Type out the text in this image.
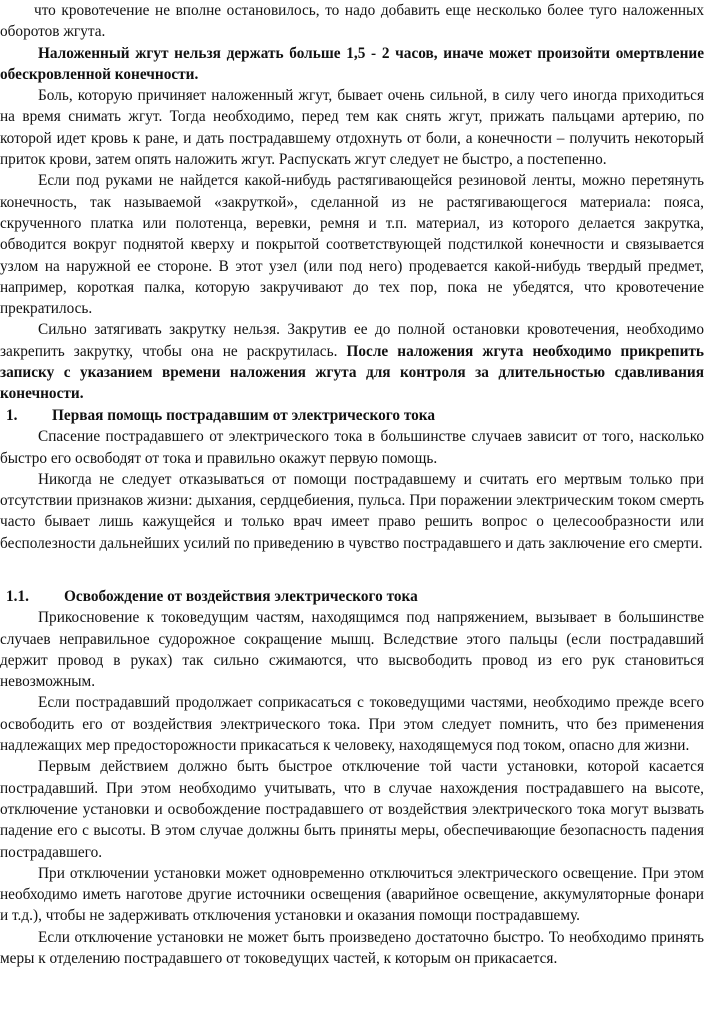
что кровотечение не вполне остановилось, то надо добавить еще несколько более туго наложенных оборотов жгута.

Наложенный жгут нельзя держать больше 1,5 - 2 часов, иначе может произойти омертвление обескровленной конечности.

Боль, которую причиняет наложенный жгут, бывает очень сильной, в силу чего иногда приходиться на время снимать жгут. Тогда необходимо, перед тем как снять жгут, прижать пальцами артерию, по которой идет кровь к ране, и дать пострадавшему отдохнуть от боли, а конечности – получить некоторый приток крови, затем опять наложить жгут. Распускать жгут следует не быстро, а постепенно.

Если под руками не найдется какой-нибудь растягивающейся резиновой ленты, можно перетянуть конечность, так называемой «закруткой», сделанной из не растягивающегося материала: пояса, скрученного платка или полотенца, веревки, ремня и т.п. материал, из которого делается закрутка, обводится вокруг поднятой кверху и покрытой соответствующей подстилкой конечности и связывается узлом на наружной ее стороне. В этот узел (или под него) продевается какой-нибудь твердый предмет, например, короткая палка, которую закручивают до тех пор, пока не убедятся, что кровотечение прекратилось.

Сильно затягивать закрутку нельзя. Закрутив ее до полной остановки кровотечения, необходимо закрепить закрутку, чтобы она не раскрутилась. После наложения жгута необходимо прикрепить записку с указанием времени наложения жгута для контроля за длительностью сдавливания конечности.

1. Первая помощь пострадавшим от электрического тока

Спасение пострадавшего от электрического тока в большинстве случаев зависит от того, насколько быстро его освободят от тока и правильно окажут первую помощь.

Никогда не следует отказываться от помощи пострадавшему и считать его мертвым только при отсутствии признаков жизни: дыхания, сердцебиения, пульса. При поражении электрическим током смерть часто бывает лишь кажущейся и только врач имеет право решить вопрос о целесообразности или бесполезности дальнейших усилий по приведению в чувство пострадавшего и дать заключение его смерти.

1.1. Освобождение от воздействия электрического тока

Прикосновение к токоведущим частям, находящимся под напряжением, вызывает в большинстве случаев неправильное судорожное сокращение мышц. Вследствие этого пальцы (если пострадавший держит провод в руках) так сильно сжимаются, что высвободить провод из его рук становиться невозможным.

Если пострадавший продолжает соприкасаться с токоведущими частями, необходимо прежде всего освободить его от воздействия электрического тока. При этом следует помнить, что без применения надлежащих мер предосторожности прикасаться к человеку, находящемуся под током, опасно для жизни.

Первым действием должно быть быстрое отключение той части установки, которой касается пострадавший. При этом необходимо учитывать, что в случае нахождения пострадавшего на высоте, отключение установки и освобождение пострадавшего от воздействия электрического тока могут вызвать падение его с высоты. В этом случае должны быть приняты меры, обеспечивающие безопасность падения пострадавшего.

При отключении установки может одновременно отключиться электрического освещение. При этом необходимо иметь наготове другие источники освещения (аварийное освещение, аккумуляторные фонари и т.д.), чтобы не задерживать отключения установки и оказания помощи пострадавшему.

Если отключение установки не может быть произведено достаточно быстро. То необходимо принять меры к отделению пострадавшего от токоведущих частей, к которым он прикасается.
